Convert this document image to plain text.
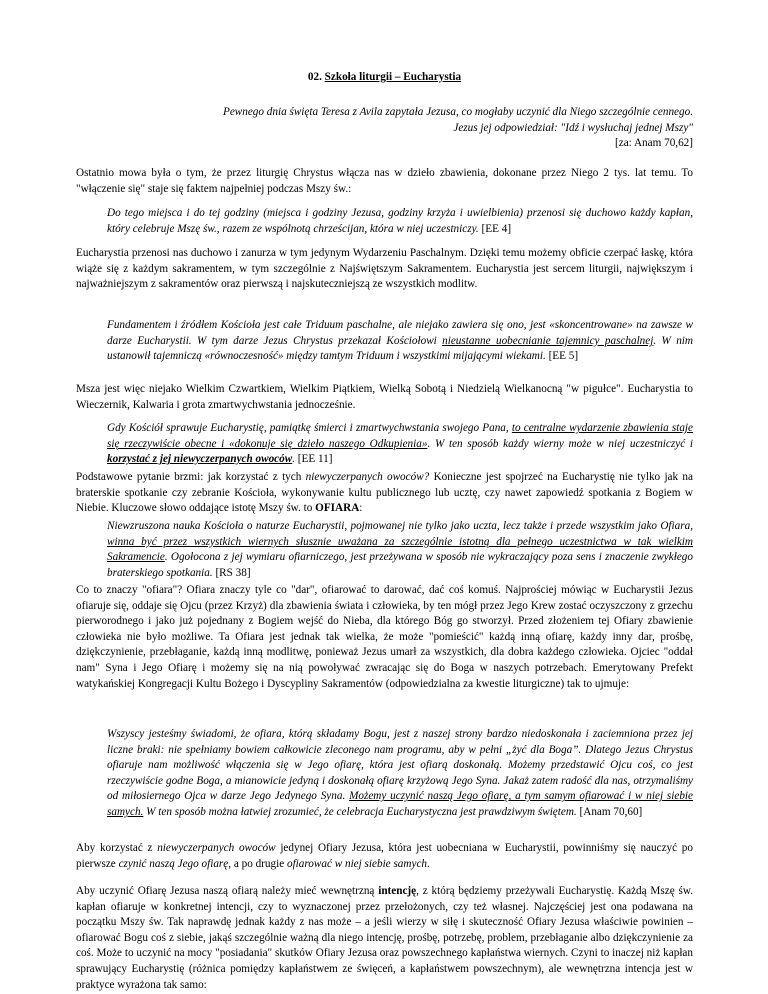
02. Szkoła liturgii – Eucharystia
Pewnego dnia święta Teresa z Avila zapytała Jezusa, co mogłaby uczynić dla Niego szczególnie cennego. Jezus jej odpowiedział: "Idź i wysłuchaj jednej Mszy"
[za: Anam 70,62]

Ostatnio mowa była o tym, że przez liturgię Chrystus włącza nas w dzieło zbawienia, dokonane przez Niego 2 tys. lat temu. To "włączenie się" staje się faktem najpełniej podczas Mszy św.:

Do tego miejsca i do tej godziny (miejsca i godziny Jezusa, godziny krzyża i uwielbienia) przenosi się duchowo każdy kapłan, który celebruje Mszę św., razem ze wspólnotą chrześcijan, która w niej uczestniczy. [EE 4]

Eucharystia przenosi nas duchowo i zanurza w tym jedynym Wydarzeniu Paschalnym. Dzięki temu możemy obficie czerpać łaskę, która wiąże się z każdym sakramentem, w tym szczególnie z Najświętszym Sakramentem. Eucharystia jest sercem liturgii, największym i najważniejszym z sakramentów oraz pierwszą i najskuteczniejszą ze wszystkich modlitw.

Fundamentem i źródłem Kościoła jest całe Triduum paschalne, ale niejako zawiera się ono, jest «skoncentrowane» na zawsze w darze Eucharystii. W tym darze Jezus Chrystus przekazał Kościołowi nieustanne uobecnianie tajemnicy paschalnej. W nim ustanowił tajemniczą «równoczesność» między tamtym Triduum i wszystkimi mijającymi wiekami. [EE 5]

Msza jest więc niejako Wielkim Czwartkiem, Wielkim Piątkiem, Wielką Sobotą i Niedzielą Wielkanocną "w pigułce". Eucharystia to Wieczernik, Kalwaria i grota zmartwychwstania jednocześnie.

Gdy Kościół sprawuje Eucharystię, pamiątkę śmierci i zmartwychwstania swojego Pana, to centralne wydarzenie zbawienia staje się rzeczywiście obecne i «dokonuje się dzieło naszego Odkupienia». W ten sposób każdy wierny może w niej uczestniczyć i korzystać z jej niewyczerpanych owoców. [EE 11]

Podstawowe pytanie brzmi: jak korzystać z tych niewyczerpanych owoców? Konieczne jest spojrzeć na Eucharystię nie tylko jak na braterskie spotkanie czy zebranie Kościoła, wykonywanie kultu publicznego lub ucztę, czy nawet zapowiedź spotkania z Bogiem w Niebie. Kluczowe słowo oddające istotę Mszy św. to OFIARA:

Niewzruszona nauka Kościoła o naturze Eucharystii, pojmowanej nie tylko jako uczta, lecz także i przede wszystkim jako Ofiara, winna być przez wszystkich wiernych słusznie uważana za szczególnie istotną dla pełnego uczestnictwa w tak wielkim Sakramencie. Ogołocona z jej wymiaru ofiarniczego, jest przeżywana w sposób nie wykraczający poza sens i znaczenie zwykłego braterskiego spotkania. [RS 38]

Co to znaczy "ofiara"? Ofiara znaczy tyle co "dar", ofiarować to darować, dać coś komuś. Najprościej mówiąc w Eucharystii Jezus ofiaruje się, oddaje się Ojcu (przez Krzyż) dla zbawienia świata i człowieka, by ten mógł przez Jego Krew zostać oczyszczony z grzechu pierworodnego i jako już pojednany z Bogiem wejść do Nieba, dla którego Bóg go stworzył. Przed złożeniem tej Ofiary zbawienie człowieka nie było możliwe. Ta Ofiara jest jednak tak wielka, że może "pomieścić" każdą inną ofiarę, każdy inny dar, prośbę, dziękczynienie, przebłaganie, każdą inną modlitwę, ponieważ Jezus umarł za wszystkich, dla dobra każdego człowieka. Ojciec "oddał nam" Syna i Jego Ofiarę i możemy się na nią powoływać zwracając się do Boga w naszych potrzebach. Emerytowany Prefekt watykańskiej Kongregacji Kultu Bożego i Dyscypliny Sakramentów (odpowiedzialna za kwestie liturgiczne) tak to ujmuje:

Wszyscy jesteśmy świadomi, że ofiara, którą składamy Bogu, jest z naszej strony bardzo niedoskonała i zaciemniona przez jej liczne braki: nie spełniamy bowiem całkowicie zleconego nam programu, aby w pełni „żyć dla Boga”. Dlatego Jezus Chrystus ofiaruje nam możliwość włączenia się w Jego ofiarę, która jest ofiarą doskonałą. Możemy przedstawić Ojcu coś, co jest rzeczywiście godne Boga, a mianowicie jedyną i doskonałą ofiarę krzyżową Jego Syna. Jakaż zatem radość dla nas, otrzymaliśmy od miłosiernego Ojca w darze Jego Jedynego Syna. Możemy uczynić naszą Jego ofiarę, a tym samym ofiarować i w niej siebie samych. W ten sposób można łatwiej zrozumieć, że celebracja Eucharystyczna jest prawdziwym świętem. [Anam 70,60]

Aby korzystać z niewyczerpanych owoców jedynej Ofiary Jezusa, która jest uobecniana w Eucharystii, powinniśmy się nauczyć po pierwsze czynić naszą Jego ofiarę, a po drugie ofiarować w niej siebie samych.

Aby uczynić Ofiarę Jezusa naszą ofiarą należy mieć wewnętrzną intencję, z którą będziemy przeżywali Eucharystię. Każdą Mszę św. kapłan ofiaruje w konkretnej intencji, czy to wyznaczonej przez przełożonych, czy też własnej. Najczęściej jest ona podawana na początku Mszy św. Tak naprawdę jednak każdy z nas może – a jeśli wierzy w siłę i skuteczność Ofiary Jezusa właściwie powinien – ofiarować Bogu coś z siebie, jakąś szczególnie ważną dla niego intencję, prośbę, potrzebę, problem, przebłaganie albo dziękczynienie za coś. Może to uczynić na mocy "posiadania" skutków Ofiary Jezusa oraz powszechnego kapłaństwa wiernych. Czyni to inaczej niż kapłan sprawujący Eucharystię (różnica pomiędzy kapłaństwem ze święceń, a kapłaństwem powszechnym), ale wewnętrzna intencja jest w praktyce wyrażona tak samo:
